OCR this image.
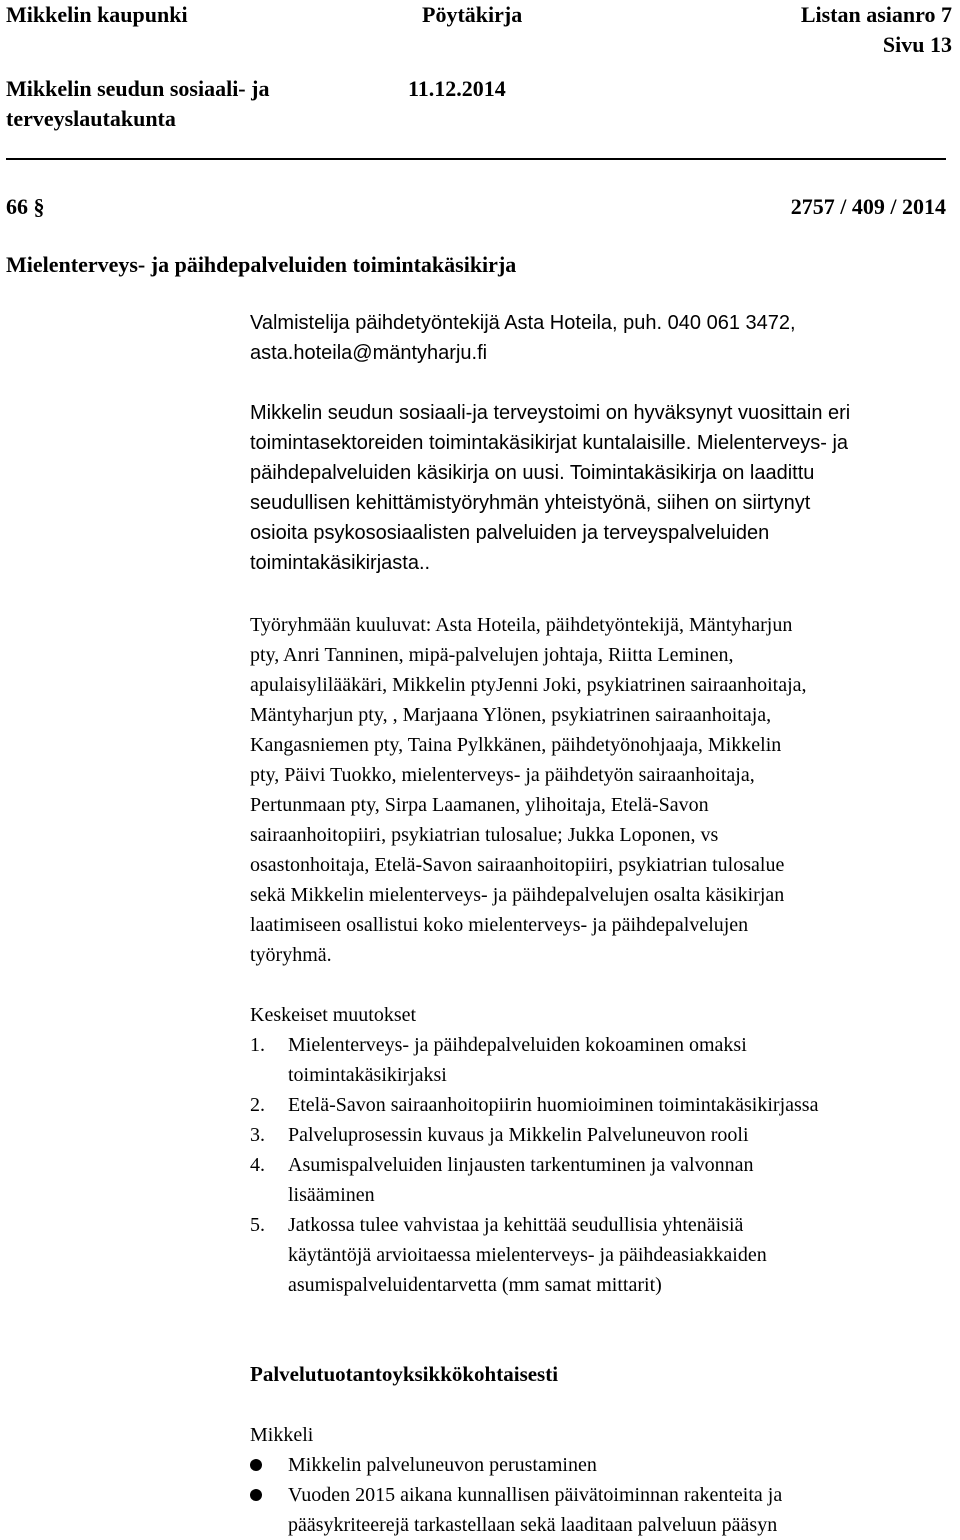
Mikkelin kaupunki	Pöytäkirja	Listan asianro 7
Sivu 13
Mikkelin seudun sosiaali- ja
terveyslautakunta
11.12.2014
66 §	2757 / 409 / 2014
Mielenterveys- ja päihdepalveluiden toimintakäsikirja
Valmistelija päihdetyöntekijä Asta Hoteila, puh. 040 061 3472,
asta.hoteila@mäntyharju.fi
Mikkelin seudun sosiaali-ja terveystoimi on hyväksynyt vuosittain eri
toimintasektoreiden toimintakäsikirjat kuntalaisille. Mielenterveys- ja
päihdepalveluiden käsikirja on uusi. Toimintakäsikirja on laadittu
seudullisen kehittämistyöryhmän yhteistyönä, siihen on siirtynyt
osioita psykososiaalisten palveluiden ja terveyspalveluiden
toimintakäsikirjasta..
Työryhmään kuuluvat: Asta Hoteila, päihdetyöntekijä, Mäntyharjun
pty, Anri Tanninen, mipä-palvelujen johtaja, Riitta Leminen,
apulaisylilääkäri, Mikkelin ptyJenni Joki, psykiatrinen sairaanhoitaja,
Mäntyharjun pty, , Marjaana Ylönen, psykiatrinen sairaanhoitaja,
Kangasniemen pty, Taina Pylkkänen, päihdetyönohjaaja, Mikkelin
pty, Päivi Tuokko, mielenterveys- ja päihdetyön sairaanhoitaja,
Pertunmaan pty, Sirpa Laamanen, ylihoitaja, Etelä-Savon
sairaanhoitopiiri, psykiatrian tulosalue; Jukka Loponen, vs
osastonhoitaja, Etelä-Savon sairaanhoitopiiri, psykiatrian tulosalue
sekä Mikkelin mielenterveys- ja päihdepalvelujen osalta käsikirjan
laatimiseen osallistui koko mielenterveys- ja päihdepalvelujen
työryhmä.
Keskeiset muutokset
1. Mielenterveys- ja päihdepalveluiden kokoaminen omaksi
toimintakäsikirjaksi
2. Etelä-Savon sairaanhoitopiirin huomioiminen toimintakäsikirjassa
3. Palveluprosessin kuvaus ja Mikkelin Palveluneuvon rooli
4. Asumispalveluiden linjausten tarkentuminen ja valvonnan
lisääminen
5. Jatkossa tulee vahvistaa ja kehittää seudullisia yhtenäisiä
käytäntöjä arvioitaessa mielenterveys- ja päihdeasiakkaiden
asumispalveluidentarvetta (mm samat mittarit)
Palvelutuotantoyksikkökohtaisesti
Mikkeli
Mikkelin palveluneuvon perustaminen
Vuoden 2015 aikana kunnallisen päivätoiminnan rakenteita ja
pääsykriteerejä tarkastellaan sekä laaditaan palveluun pääsyn
